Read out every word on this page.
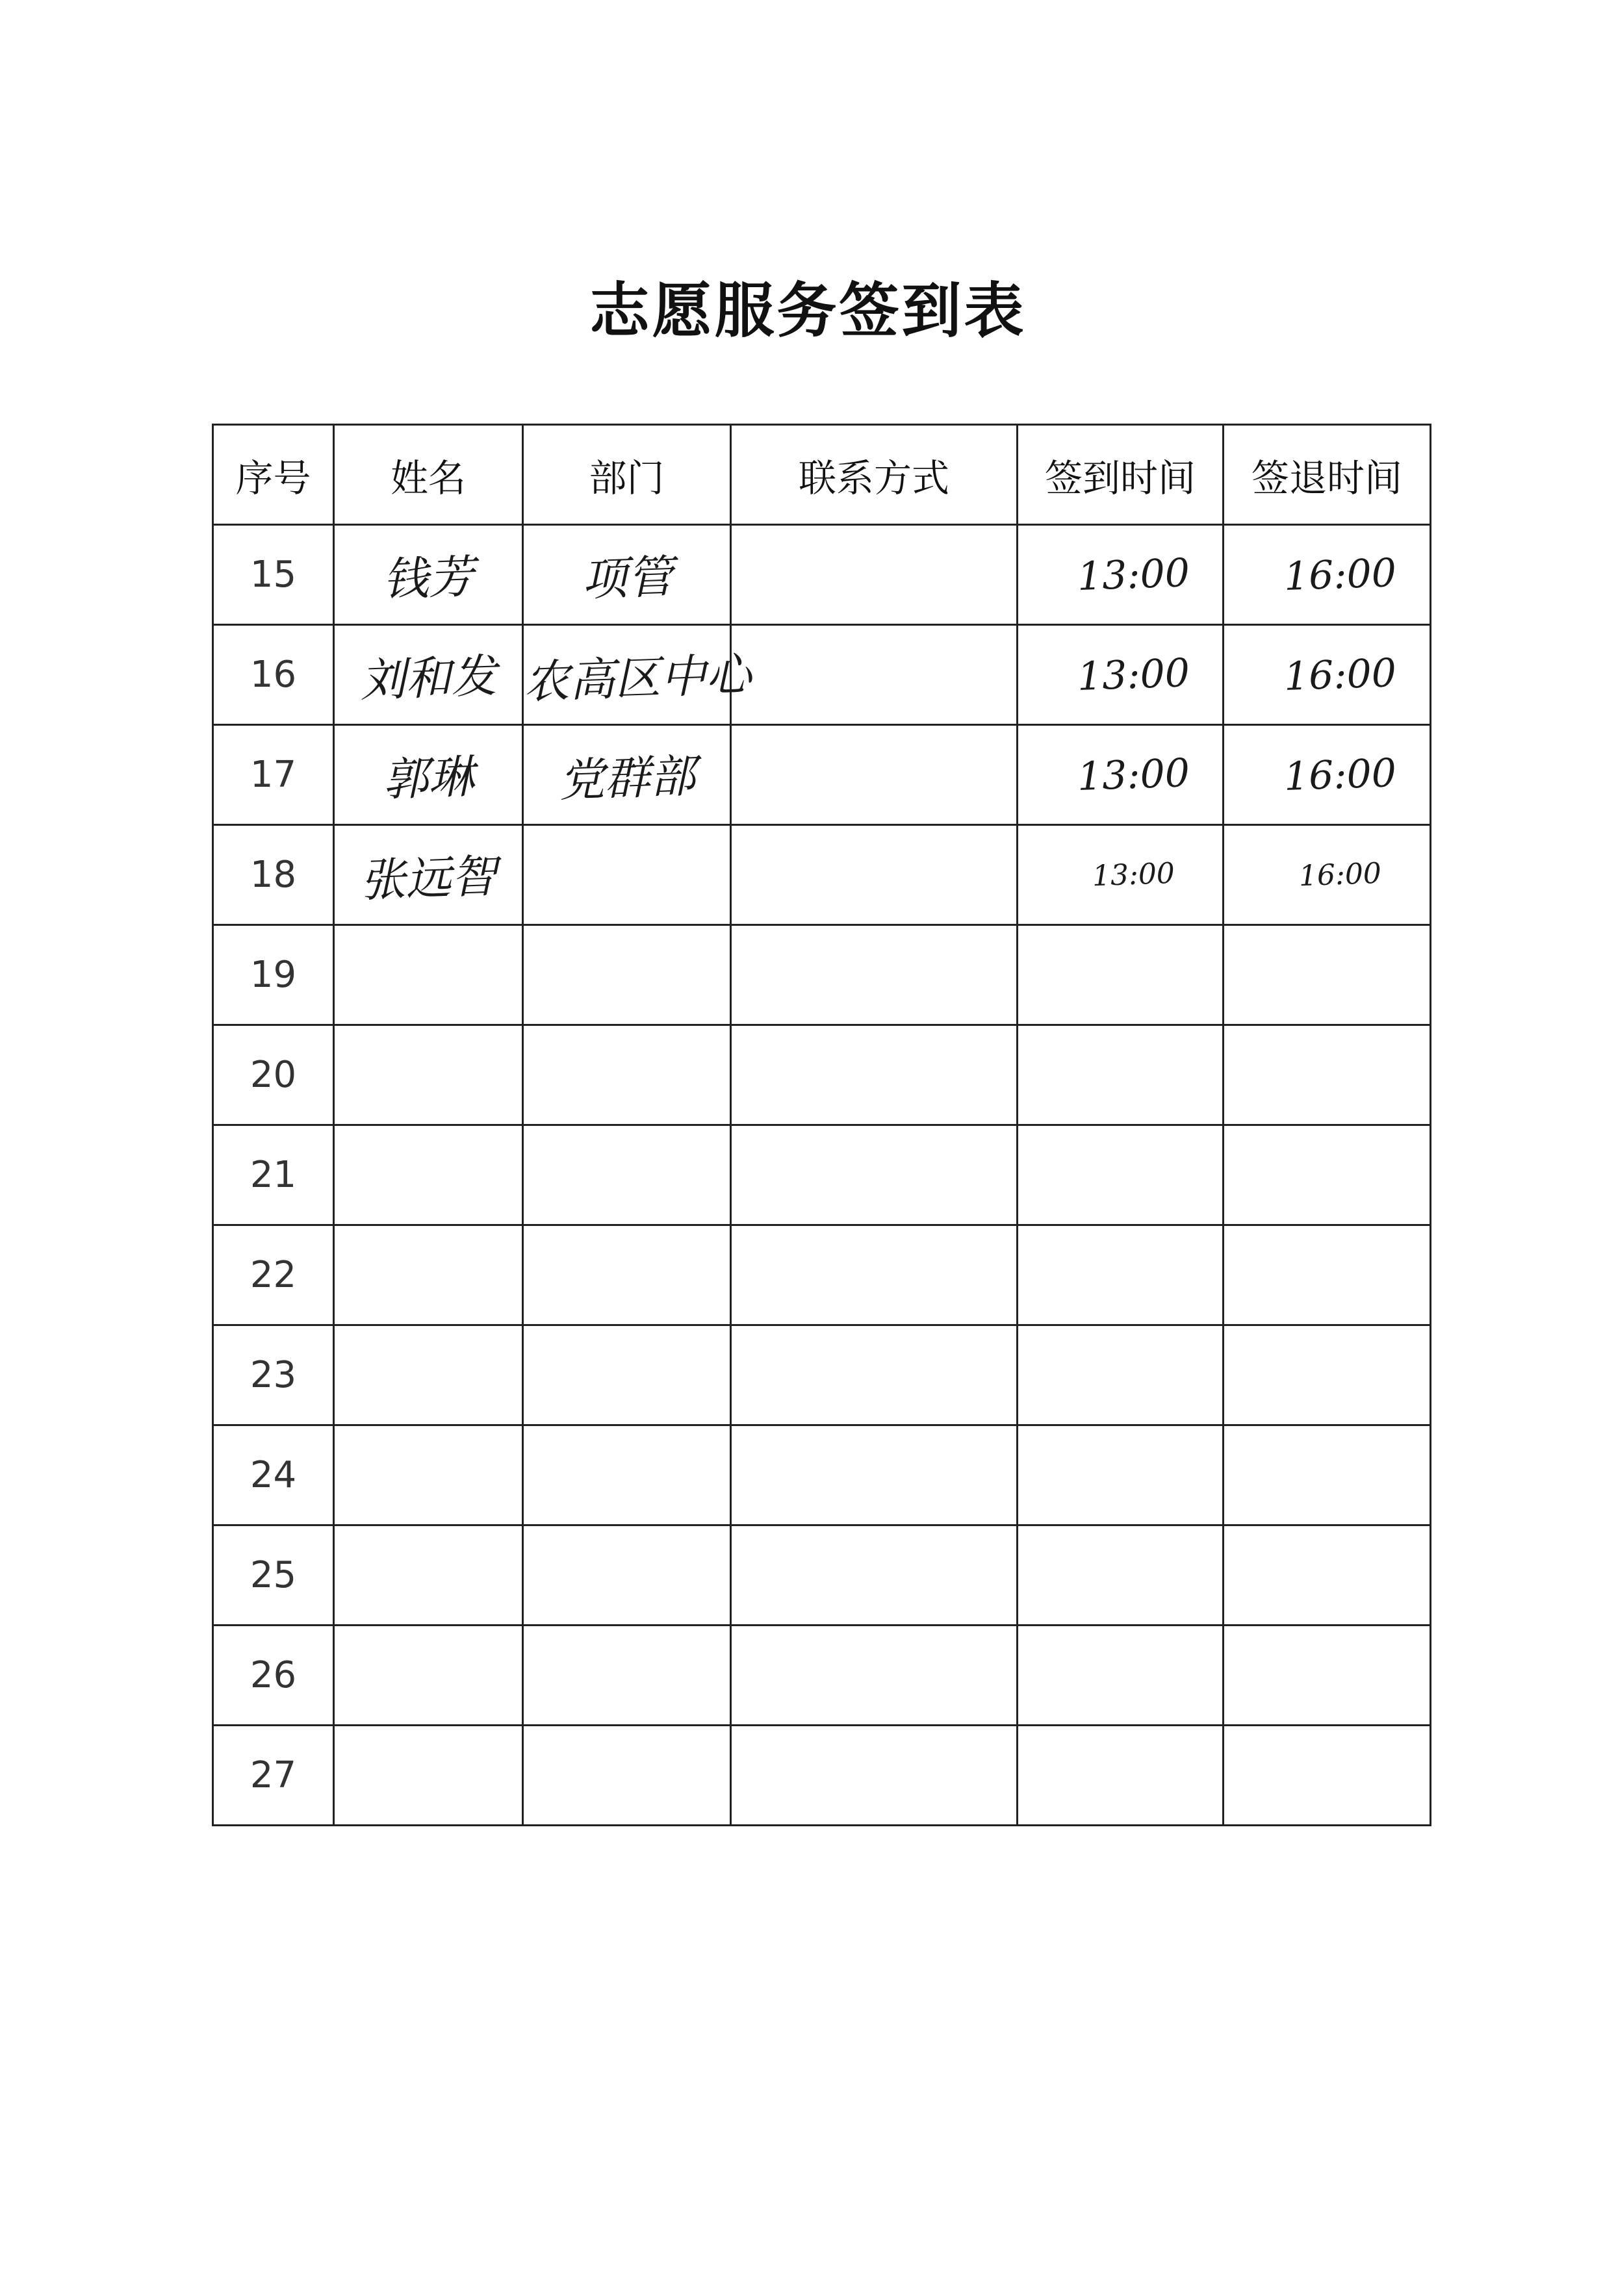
志愿服务签到表
序号	姓名	部门	联系方式	签到时间	签退时间
15	钱芳	项管		13:00	16:00
16	刘和发	农高区中心		13:00	16:00
17	郭琳	党群部		13:00	16:00
18	张远智			13:00	16:00
19					
20					
21					
22					
23					
24					
25					
26					
27					
